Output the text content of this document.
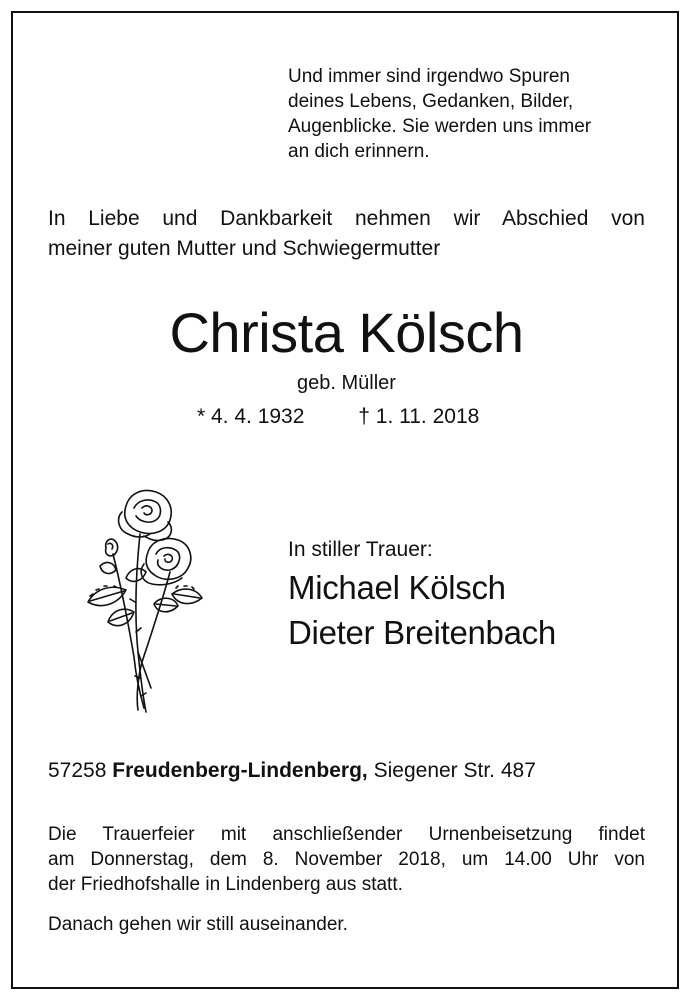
Und immer sind irgendwo Spuren
deines Lebens, Gedanken, Bilder,
Augenblicke. Sie werden uns immer
an dich erinnern.
In Liebe und Dankbarkeit nehmen wir Abschied von
meiner guten Mutter und Schwiegermutter
Christa Kölsch
geb. Müller
* 4. 4. 1932	† 1. 11. 2018
In stiller Trauer:
Michael Kölsch
Dieter Breitenbach
57258 Freudenberg-Lindenberg, Siegener Str. 487
Die Trauerfeier mit anschließender Urnenbeisetzung findet
am Donnerstag, dem 8. November 2018, um 14.00 Uhr von
der Friedhofshalle in Lindenberg aus statt.
Danach gehen wir still auseinander.
